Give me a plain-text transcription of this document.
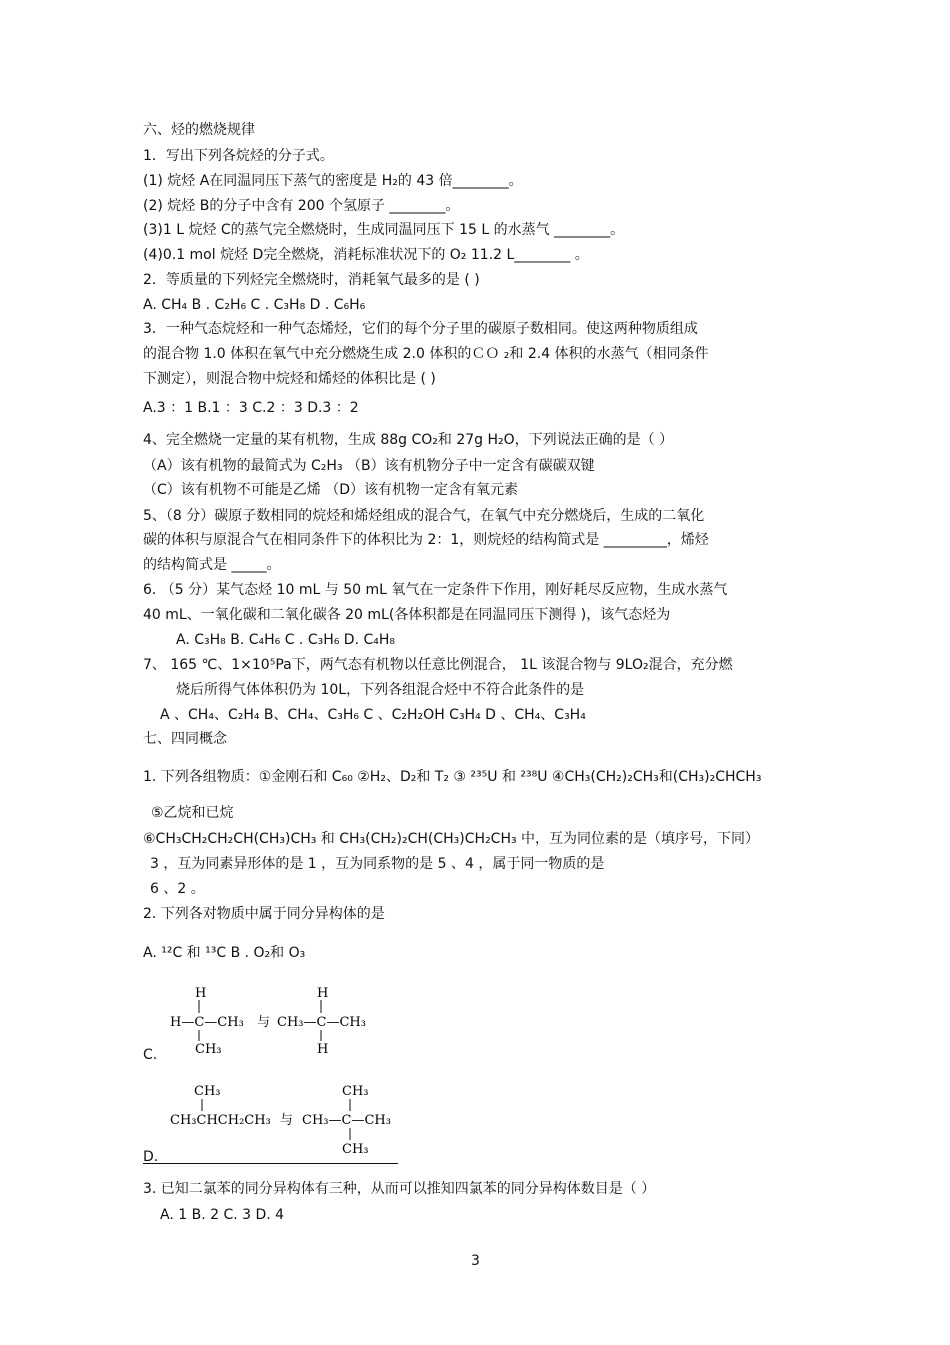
六、烃的燃烧规律
1．写出下列各烷烃的分子式。
(1) 烷烃 A在同温同压下蒸气的密度是 H₂的 43 倍________。
(2) 烷烃 B的分子中含有 200 个氢原子 ________。
(3)1 L 烷烃 C的蒸气完全燃烧时，生成同温同压下 15 L 的水蒸气 ________。
(4)0.1 mol 烷烃 D完全燃烧，消耗标准状况下的 O₂ 11.2 L________ 。
2．等质量的下列烃完全燃烧时，消耗氧气最多的是 ( )
A. CH₄ B . C₂H₆ C . C₃H₈ D . C₆H₆
3．一种气态烷烃和一种气态烯烃，它们的每个分子里的碳原子数相同。使这两种物质组成
的混合物 1.0 体积在氧气中充分燃烧生成 2.0 体积的ＣＯ ₂和 2.4 体积的水蒸气（相同条件
下测定），则混合物中烷烃和烯烃的体积比是 ( )
A.3 ：1 B.1 ：3 C.2 ：3 D.3 ：2
4、完全燃烧一定量的某有机物，生成 88g CO₂和 27g H₂O，下列说法正确的是（ ）
（A）该有机物的最简式为 C₂H₃ （B）该有机物分子中一定含有碳碳双键
（C）该有机物不可能是乙烯 （D）该有机物一定含有氧元素
5、（8 分）碳原子数相同的烷烃和烯烃组成的混合气，在氧气中充分燃烧后，生成的二氧化
碳的体积与原混合气在相同条件下的体积比为 2：1，则烷烃的结构简式是 _________，烯烃
的结构简式是 _____。
6. （5 分）某气态烃 10 mL 与 50 mL 氧气在一定条件下作用，刚好耗尽反应物，生成水蒸气
40 mL、一氧化碳和二氧化碳各 20 mL(各体积都是在同温同压下测得 )，该气态烃为
A. C₃H₈ B. C₄H₆ C . C₃H₆ D. C₄H₈
7、 165 ℃、1×10⁵Pa下，两气态有机物以任意比例混合， 1L 该混合物与 9LO₂混合，充分燃
烧后所得气体体积仍为 10L，下列各组混合烃中不符合此条件的是
A 、CH₄、C₂H₄ B、CH₄、C₃H₆ C 、C₂H₂OH C₃H₄ D 、CH₄、C₃H₄
七、四同概念
1. 下列各组物质：①金刚石和 C₆₀ ②H₂、D₂和 T₂ ③ ²³⁵U 和 ²³⁸U ④CH₃(CH₂)₂CH₃和(CH₃)₂CHCH₃
⑤乙烷和已烷
⑥CH₃CH₂CH₂CH(CH₃)CH₃ 和 CH₃(CH₂)₂CH(CH₃)CH₂CH₃ 中，互为同位素的是（填序号，下同）
3 ，互为同素异形体的是 1 ，互为同系物的是 5 、4 ，属于同一物质的是
6 、2 。
2. 下列各对物质中属于同分异构体的是
A. ¹²C 和 ¹³C B . O₂和 O₃
C.
H
H—C—CH₃
CH₃
与
H
CH₃—C—CH₃
H
D.
CH₃
CH₃CHCH₂CH₃ 与
CH₃
CH₃—C—CH₃
CH₃
3. 已知二氯苯的同分异构体有三种，从而可以推知四氯苯的同分异构体数目是（ ）
A. 1 B. 2 C. 3 D. 4
3
